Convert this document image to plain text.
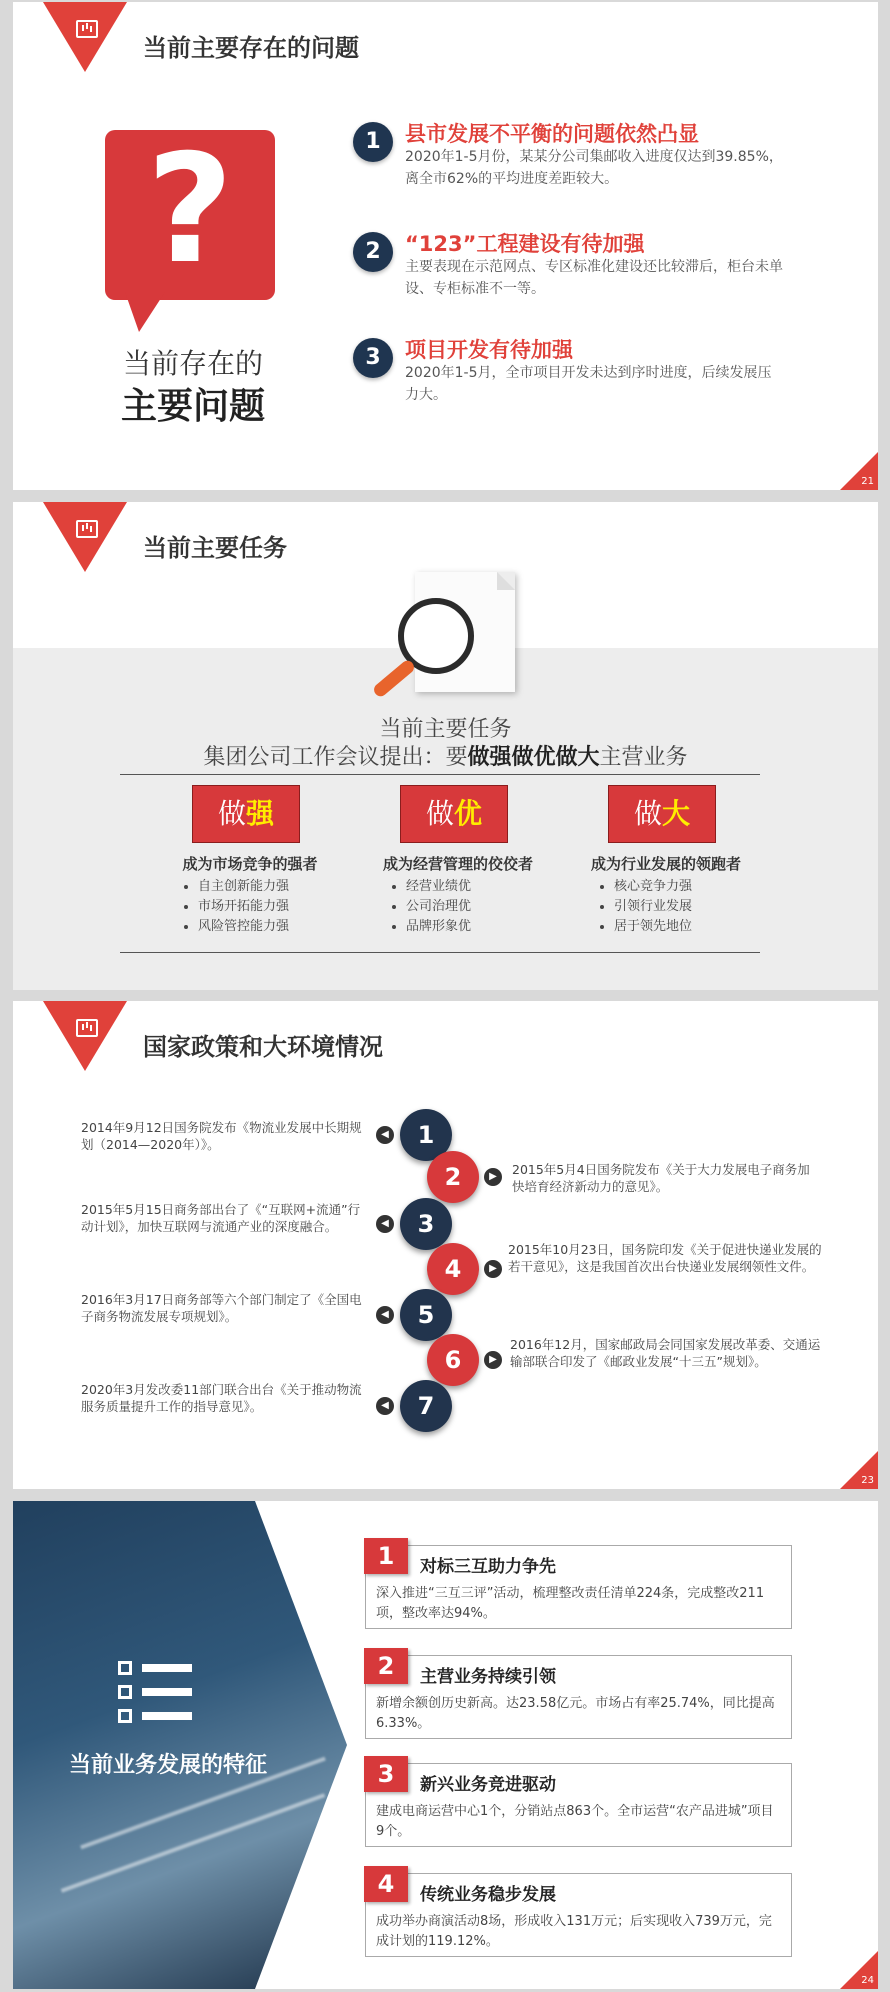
当前主要存在的问题
?
当前存在的
主要问题
1	县市发展不平衡的问题依然凸显
2020年1-5月份，某某分公司集邮收入进度仅达到39.85%，离全市62%的平均进度差距较大。
2	“123”工程建设有待加强
主要表现在示范网点、专区标准化建设还比较滞后，柜台未单设、专柜标准不一等。
3	项目开发有待加强
2020年1-5月，全市项目开发未达到序时进度，后续发展压力大。
21
当前主要任务
当前主要任务
集团公司工作会议提出：要做强做优做大主营业务
做强
成为市场竞争的强者
• 自主创新能力强
• 市场开拓能力强
• 风险管控能力强
做优
成为经营管理的佼佼者
• 经营业绩优
• 公司治理优
• 品牌形象优
做大
成为行业发展的领跑者
• 核心竞争力强
• 引领行业发展
• 居于领先地位
国家政策和大环境情况
2014年9月12日国务院发布《物流业发展中长期规划（2014—2020年）》。
◀	1
2	▶	2015年5月4日国务院发布《关于大力发展电子商务加快培育经济新动力的意见》。
2015年5月15日商务部出台了《“互联网+流通”行动计划》，加快互联网与流通产业的深度融合。	◀	3
4	▶
2015年10月23日，国务院印发《关于促进快递业发展的若干意见》，这是我国首次出台快递业发展纲领性文件。
2016年3月17日商务部等六个部门制定了《全国电子商务物流发展专项规划》。	◀	5
6	▶
2016年12月，国家邮政局会同国家发展改革委、交通运输部联合印发了《邮政业发展“十三五”规划》。
2020年3月发改委11部门联合出台《关于推动物流服务质量提升工作的指导意见》。	◀	7
23
当前业务发展的特征
1	对标三互助力争先
深入推进“三互三评”活动，梳理整改责任清单224条，完成整改211项，整改率达94%。
2	主营业务持续引领
新增余额创历史新高。达23.58亿元。市场占有率25.74%，同比提高6.33%。
3	新兴业务竞进驱动
建成电商运营中心1个，分销站点863个。全市运营“农产品进城”项目9个。
4	传统业务稳步发展
成功举办商演活动8场，形成收入131万元；后实现收入739万元，完成计划的119.12%。
24
